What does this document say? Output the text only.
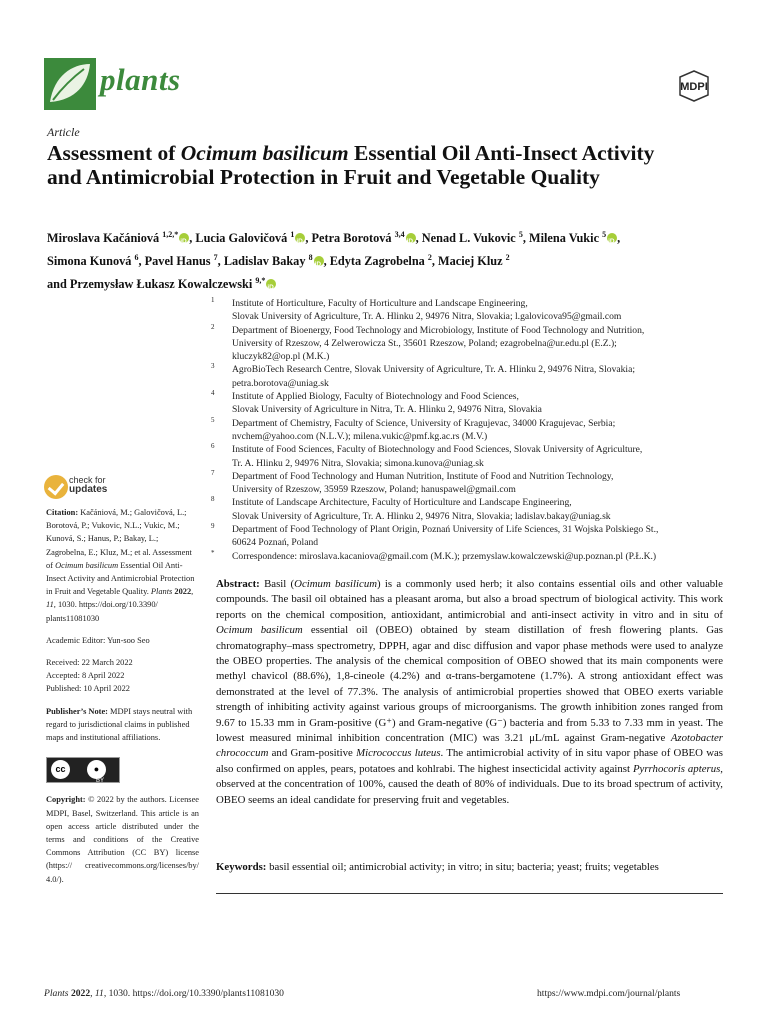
plants	MDPI
Article
Assessment of Ocimum basilicum Essential Oil Anti-Insect Activity and Antimicrobial Protection in Fruit and Vegetable Quality
Miroslava Kačániová $^{1,2,*}$ iD , Lucia Galovičová $^1$ iD , Petra Borotová $^{3,4}$ iD , Nenad L. Vukovic $^5$, Milena Vukic $^5$ iD ,
Simona Kunová $^6$, Pavel Hanus $^7$, Ladislav Bakay $^8$ iD , Edyta Zagrobelna $^2$, Maciej Kluz $^2$
and Przemysław Łukasz Kowalczewski $^{9,*}$iD
1 Institute of Horticulture, Faculty of Horticulture and Landscape Engineering,
Slovak University of Agriculture, Tr. A. Hlinku 2, 94976 Nitra, Slovakia; l.galovicova95@gmail.com
2 Department of Bioenergy, Food Technology and Microbiology, Institute of Food Technology and Nutrition,
University of Rzeszow, 4 Zelwerowicza St., 35601 Rzeszow, Poland; ezagrobelna@ur.edu.pl (E.Z.);
kluczyk82@op.pl (M.K.)
3 AgroBioTech Research Centre, Slovak University of Agriculture, Tr. A. Hlinku 2, 94976 Nitra, Slovakia;
petra.borotova@uniag.sk
4 Institute of Applied Biology, Faculty of Biotechnology and Food Sciences,
Slovak University of Agriculture in Nitra, Tr. A. Hlinku 2, 94976 Nitra, Slovakia
5 Department of Chemistry, Faculty of Science, University of Kragujevac, 34000 Kragujevac, Serbia;
nvchem@yahoo.com (N.L.V.); milena.vukic@pmf.kg.ac.rs (M.V.)
6 Institute of Food Sciences, Faculty of Biotechnology and Food Sciences, Slovak University of Agriculture,
Tr. A. Hlinku 2, 94976 Nitra, Slovakia; simona.kunova@uniag.sk
7 Department of Food Technology and Human Nutrition, Institute of Food and Nutrition Technology,
University of Rzeszow, 35959 Rzeszow, Poland; hanuspawel@gmail.com
8 Institute of Landscape Architecture, Faculty of Horticulture and Landscape Engineering,
Slovak University of Agriculture, Tr. A. Hlinku 2, 94976 Nitra, Slovakia; ladislav.bakay@uniag.sk
9 Department of Food Technology of Plant Origin, Poznań University of Life Sciences, 31 Wojska Polskiego St.,
60624 Poznań, Poland
* Correspondence: miroslava.kacaniova@gmail.com (M.K.); przemyslaw.kowalczewski@up.poznan.pl (P.Ł.K.)
check for
updates

Citation: Kačániová, M.; Galovičová, L.; Borotová, P.; Vukovic, N.L.; Vukic, M.; Kunová, S.; Hanus, P.; Bakay, L.; Zagrobelna, E.; Kluz, M.; et al. Assessment of Ocimum basilicum Essential Oil Anti-Insect Activity and Antimicrobial Protection in Fruit and Vegetable Quality. Plants 2022, 11, 1030. https://doi.org/10.3390/ plants11081030

Academic Editor: Yun-soo Seo

Received: 22 March 2022

Accepted: 8 April 2022

Published: 10 April 2022

Publisher’s Note: MDPI stays neutral with regard to jurisdictional claims in published maps and institutional affiliations.

cc	●
BY

Copyright: © 2022 by the authors. Licensee MDPI, Basel, Switzerland. This article is an open access article distributed under the terms and conditions of the Creative Commons Attribution (CC BY) license (https:// creativecommons.org/licenses/by/ 4.0/).

Abstract: Basil (Ocimum basilicum) is a commonly used herb; it also contains essential oils and other valuable compounds. The basil oil obtained has a pleasant aroma, but also a broad spectrum of biological activity. This work reports on the chemical composition, antioxidant, antimicrobial and anti-insect activity in vitro and in situ of Ocimum basilicum essential oil (OBEO) obtained by steam distillation of fresh flowering plants. Gas chromatography–mass spectrometry, DPPH, agar and disc diffusion and vapor phase methods were used to analyze the OBEO properties. The analysis of the chemical composition of OBEO showed that its main components were methyl chavicol (88.6%), 1,8-cineole (4.2%) and α-trans-bergamotene (1.7%). A strong antioxidant effect was demonstrated at the level of 77.3%. The analysis of antimicrobial properties showed that OBEO exerts variable strength of inhibiting activity against various groups of microorganisms. The growth inhibition zones ranged from 9.67 to 15.33 mm in Gram-positive (G⁺) and Gram-negative (G⁻) bacteria and from 5.33 to 7.33 mm in yeast. The lowest measured minimal inhibition concentration (MIC) was 3.21 μL/mL against Gram-negative Azotobacter chrococcum and Gram-positive Micrococcus luteus. The antimicrobial activity of in situ vapor phase of OBEO was also confirmed on apples, pears, potatoes and kohlrabi. The highest insecticidal activity against Pyrrhocoris apterus, observed at the concentration of 100%, caused the death of 80% of individuals. Due to its broad spectrum of activity, OBEO seems an ideal candidate for preserving fruit and vegetables.
Keywords: basil essential oil; antimicrobial activity; in vitro; in situ; bacteria; yeast; fruits; vegetables
Plants 2022, 11, 1030. https://doi.org/10.3390/plants11081030	https://www.mdpi.com/journal/plants
